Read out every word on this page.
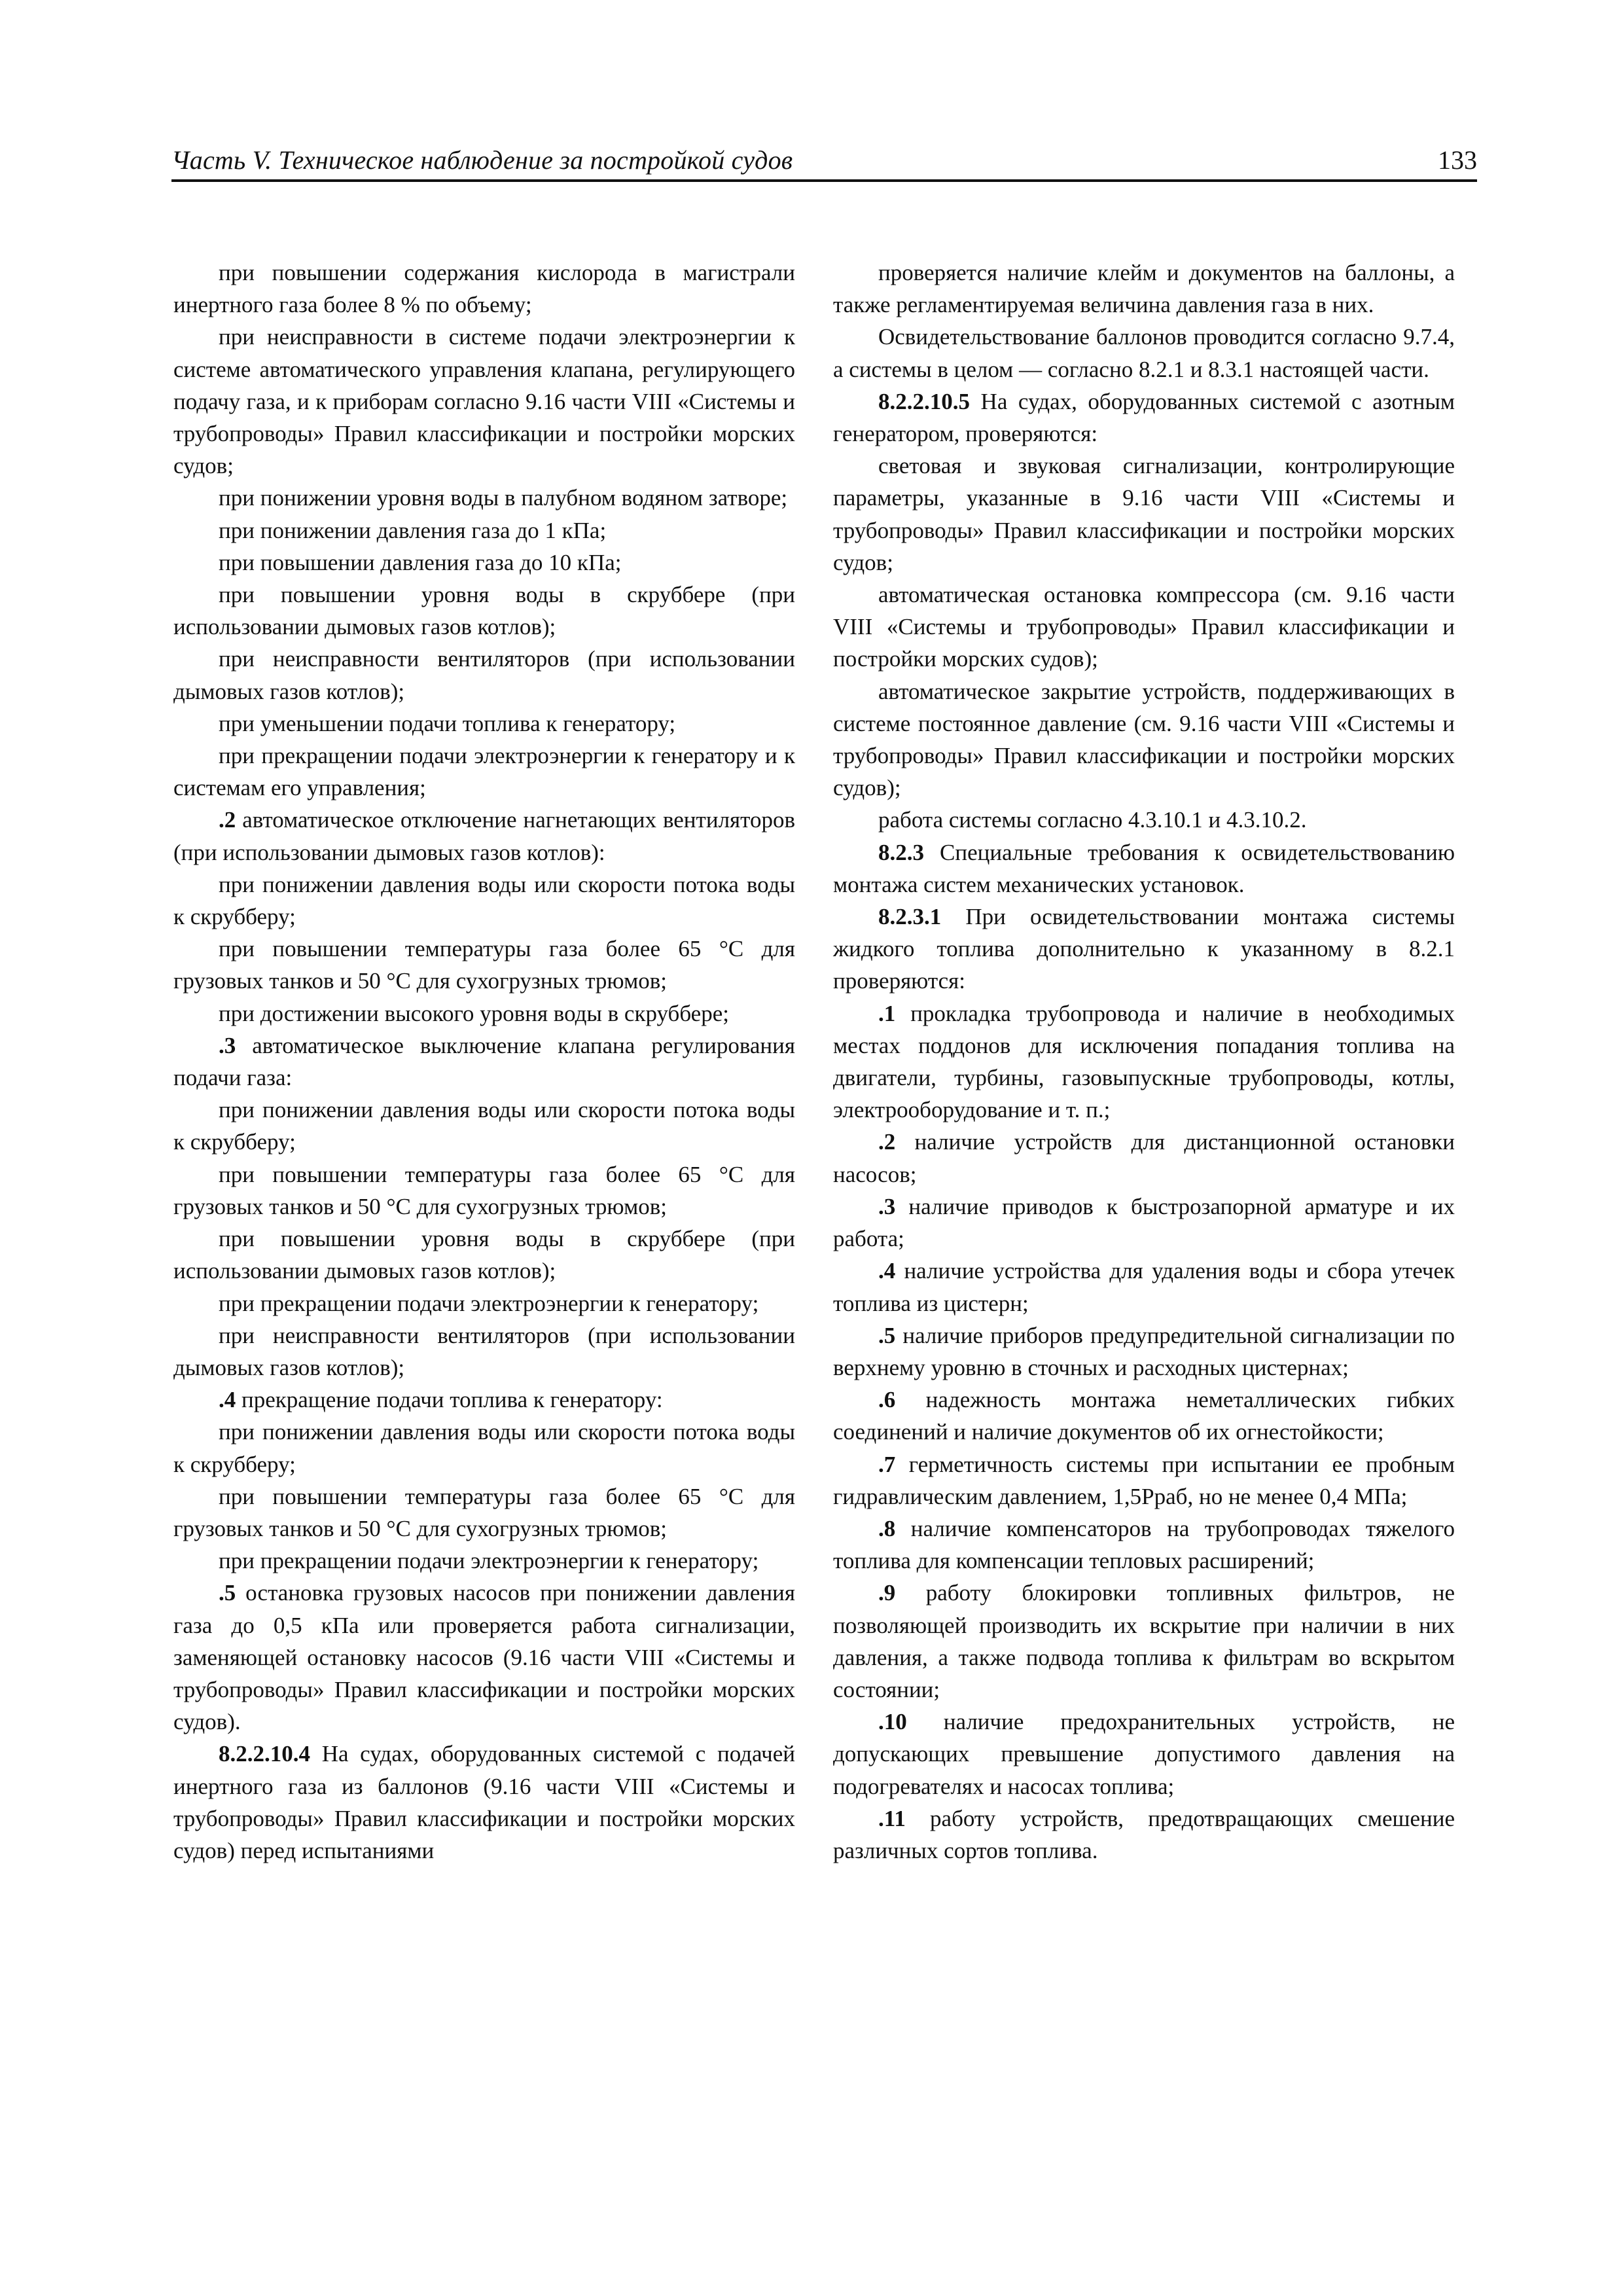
Часть V. Техническое наблюдение за постройкой судов	133

при повышении содержания кислорода в магистрали инертного газа более 8 % по объему;

при неисправности в системе подачи электроэнергии к системе автоматического управления клапана, регулирующего подачу газа, и к приборам согласно 9.16 части VIII «Системы и трубопроводы» Правил классификации и постройки морских судов;

при понижении уровня воды в палубном водяном затворе;

при понижении давления газа до 1 кПа;

при повышении давления газа до 10 кПа;

при повышении уровня воды в скруббере (при использовании дымовых газов котлов);

при неисправности вентиляторов (при использовании дымовых газов котлов);

при уменьшении подачи топлива к генератору;

при прекращении подачи электроэнергии к генератору и к системам его управления;

.2 автоматическое отключение нагнетающих вентиляторов (при использовании дымовых газов котлов):

при понижении давления воды или скорости потока воды к скрубберу;

при повышении температуры газа более 65 °С для грузовых танков и 50 °С для сухогрузных трюмов;

при достижении высокого уровня воды в скруббере;

.3 автоматическое выключение клапана регулирования подачи газа:

при понижении давления воды или скорости потока воды к скрубберу;

при повышении температуры газа более 65 °С для грузовых танков и 50 °С для сухогрузных трюмов;

при повышении уровня воды в скруббере (при использовании дымовых газов котлов);

при прекращении подачи электроэнергии к генератору;

при неисправности вентиляторов (при использовании дымовых газов котлов);

.4 прекращение подачи топлива к генератору:

при понижении давления воды или скорости потока воды к скрубберу;

при повышении температуры газа более 65 °С для грузовых танков и 50 °С для сухогрузных трюмов;

при прекращении подачи электроэнергии к генератору;

.5 остановка грузовых насосов при понижении давления газа до 0,5 кПа или проверяется работа сигнализации, заменяющей остановку насосов (9.16 части VIII «Системы и трубопроводы» Правил классификации и постройки морских судов).

8.2.2.10.4 На судах, оборудованных системой с подачей инертного газа из баллонов (9.16 части VIII «Системы и трубопроводы» Правил классификации и постройки морских судов) перед испытаниями

проверяется наличие клейм и документов на баллоны, а также регламентируемая величина давления газа в них.

Освидетельствование баллонов проводится согласно 9.7.4, а системы в целом — согласно 8.2.1 и 8.3.1 настоящей части.

8.2.2.10.5 На судах, оборудованных системой с азотным генератором, проверяются:

световая и звуковая сигнализации, контролирующие параметры, указанные в 9.16 части VIII «Системы и трубопроводы» Правил классификации и постройки морских судов;

автоматическая остановка компрессора (см. 9.16 части VIII «Системы и трубопроводы» Правил классификации и постройки морских судов);

автоматическое закрытие устройств, поддерживающих в системе постоянное давление (см. 9.16 части VIII «Системы и трубопроводы» Правил классификации и постройки морских судов);

работа системы согласно 4.3.10.1 и 4.3.10.2.

8.2.3 Специальные требования к освидетельствованию монтажа систем механических установок.

8.2.3.1 При освидетельствовании монтажа системы жидкого топлива дополнительно к указанному в 8.2.1 проверяются:

.1 прокладка трубопровода и наличие в необходимых местах поддонов для исключения попадания топлива на двигатели, турбины, газовыпускные трубопроводы, котлы, электрооборудование и т. п.;

.2 наличие устройств для дистанционной остановки насосов;

.3 наличие приводов к быстрозапорной арматуре и их работа;

.4 наличие устройства для удаления воды и сбора утечек топлива из цистерн;

.5 наличие приборов предупредительной сигнализации по верхнему уровню в сточных и расходных цистернах;

.6 надежность монтажа неметаллических гибких соединений и наличие документов об их огнестойкости;

.7 герметичность системы при испытании ее пробным гидравлическим давлением, 1,5Pраб, но не менее 0,4 МПа;

.8 наличие компенсаторов на трубопроводах тяжелого топлива для компенсации тепловых расширений;

.9 работу блокировки топливных фильтров, не позволяющей производить их вскрытие при наличии в них давления, а также подвода топлива к фильтрам во вскрытом состоянии;

.10 наличие предохранительных устройств, не допускающих превышение допустимого давления на подогревателях и насосах топлива;

.11 работу устройств, предотвращающих смешение различных сортов топлива.
